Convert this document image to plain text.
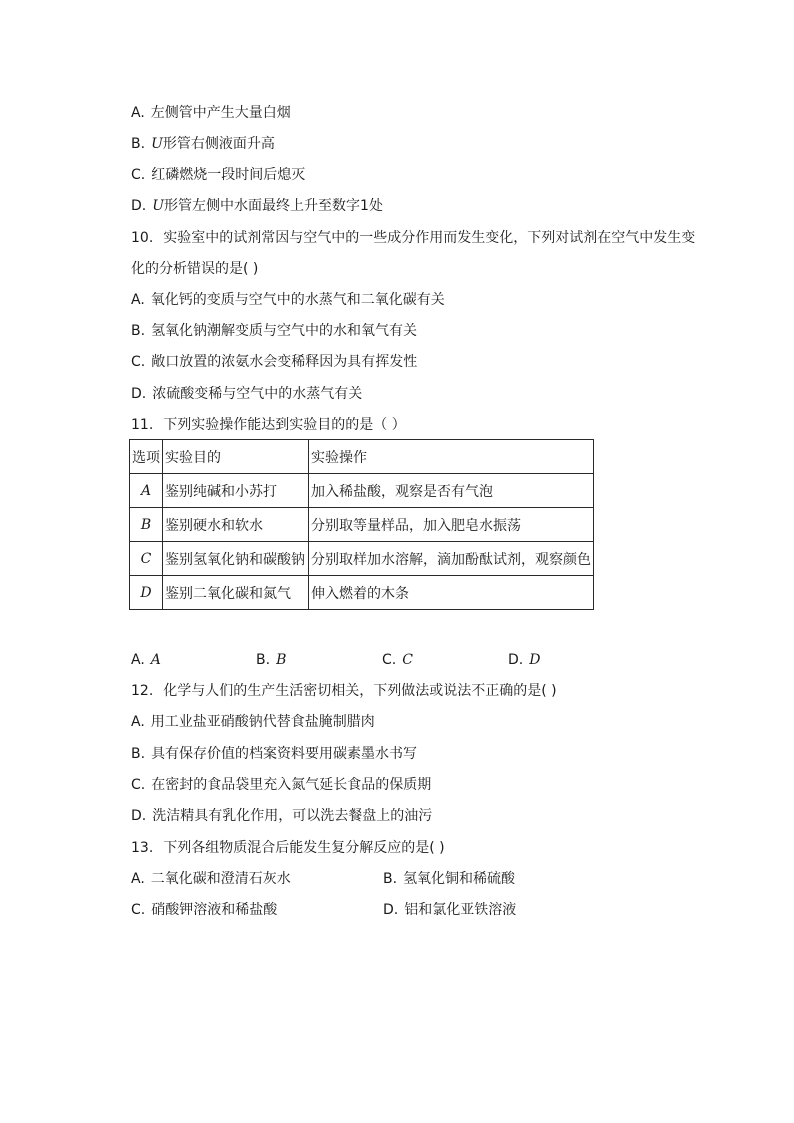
A. 左侧管中产生大量白烟
B. U形管右侧液面升高
C. 红磷燃烧一段时间后熄灭
D. U形管左侧中水面最终上升至数字1处
10. 实验室中的试剂常因与空气中的一些成分作用而发生变化，下列对试剂在空气中发生变
化的分析错误的是( )
A. 氧化钙的变质与空气中的水蒸气和二氧化碳有关
B. 氢氧化钠潮解变质与空气中的水和氧气有关
C. 敞口放置的浓氨水会变稀释因为具有挥发性
D. 浓硫酸变稀与空气中的水蒸气有关
11. 下列实验操作能达到实验目的的是（ ）
选项	实验目的	实验操作
A	鉴别纯碱和小苏打	加入稀盐酸，观察是否有气泡
B	鉴别硬水和软水	分别取等量样品，加入肥皂水振荡
C	鉴别氢氧化钠和碳酸钠	分别取样加水溶解，滴加酚酞试剂，观察颜色
D	鉴别二氧化碳和氮气	伸入燃着的木条
A. A	B. B	C. C	D. D
12. 化学与人们的生产生活密切相关，下列做法或说法不正确的是( )
A. 用工业盐亚硝酸钠代替食盐腌制腊肉
B. 具有保存价值的档案资料要用碳素墨水书写
C. 在密封的食品袋里充入氮气延长食品的保质期
D. 洗洁精具有乳化作用，可以洗去餐盘上的油污
13. 下列各组物质混合后能发生复分解反应的是( )
A. 二氧化碳和澄清石灰水	B. 氢氧化铜和稀硫酸
C. 硝酸钾溶液和稀盐酸	D. 铝和氯化亚铁溶液
